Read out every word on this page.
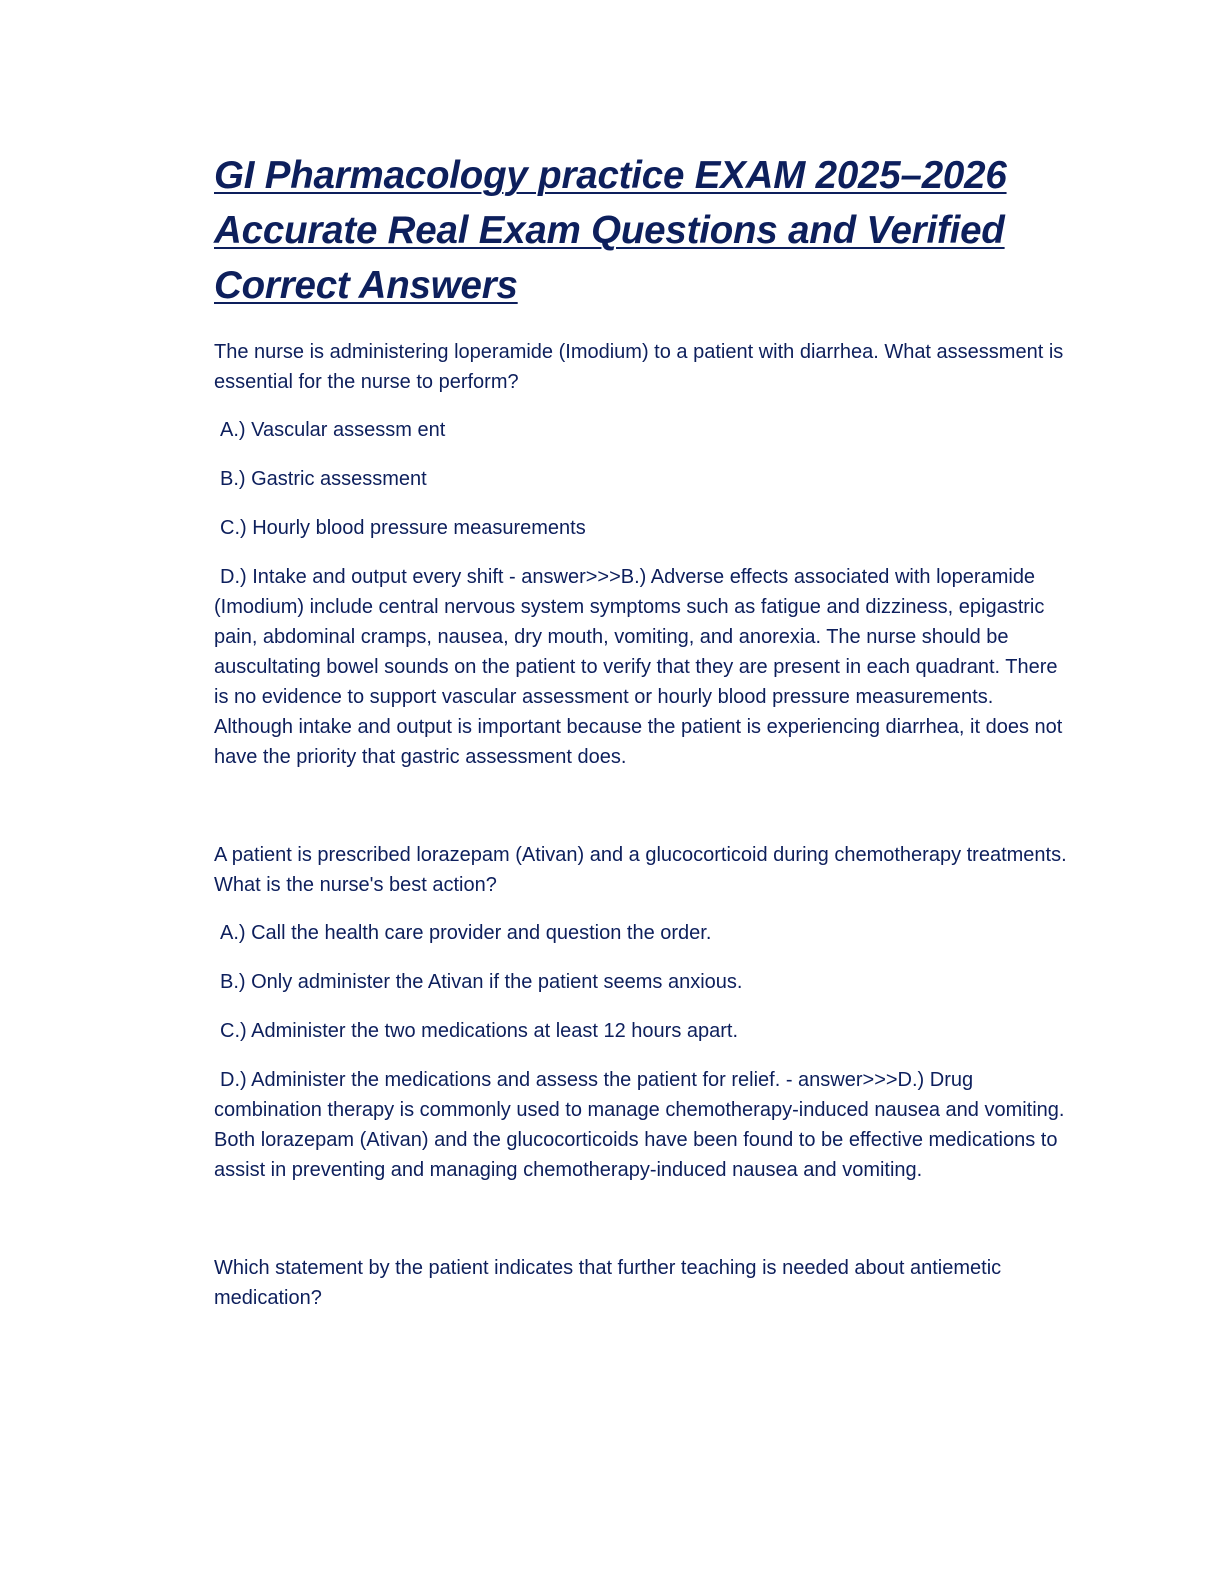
GI Pharmacology practice EXAM 2025–2026
Accurate Real Exam Questions and Verified
Correct Answers

The nurse is administering loperamide (Imodium) to a patient with diarrhea. What assessment is essential for the nurse to perform?

A.) Vascular assessm ent

B.) Gastric assessment

C.) Hourly blood pressure measurements

D.) Intake and output every shift - answer>>>B.) Adverse effects associated with loperamide (Imodium) include central nervous system symptoms such as fatigue and dizziness, epigastric pain, abdominal cramps, nausea, dry mouth, vomiting, and anorexia. The nurse should be auscultating bowel sounds on the patient to verify that they are present in each quadrant. There is no evidence to support vascular assessment or hourly blood pressure measurements. Although intake and output is important because the patient is experiencing diarrhea, it does not have the priority that gastric assessment does.

A patient is prescribed lorazepam (Ativan) and a glucocorticoid during chemotherapy treatments. What is the nurse's best action?

A.) Call the health care provider and question the order.

B.) Only administer the Ativan if the patient seems anxious.

C.) Administer the two medications at least 12 hours apart.

D.) Administer the medications and assess the patient for relief. - answer>>>D.) Drug combination therapy is commonly used to manage chemotherapy-induced nausea and vomiting. Both lorazepam (Ativan) and the glucocorticoids have been found to be effective medications to assist in preventing and managing chemotherapy-induced nausea and vomiting.

Which statement by the patient indicates that further teaching is needed about antiemetic medication?
